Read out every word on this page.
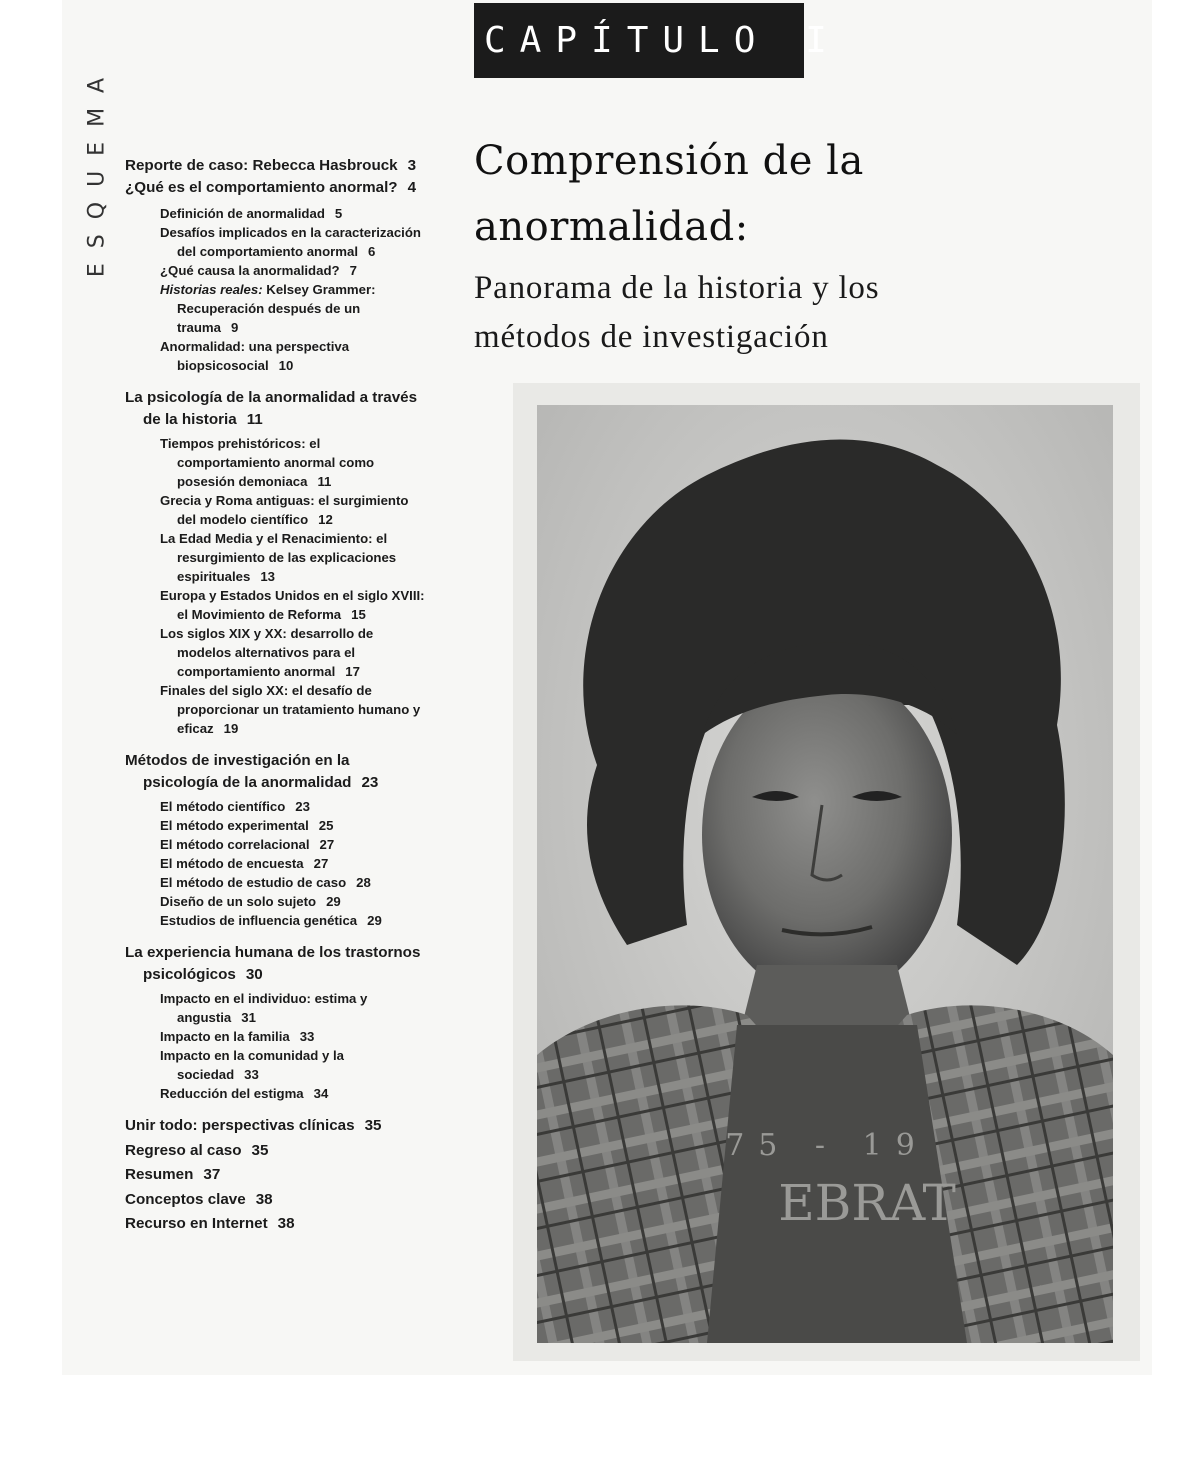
ESQUEMA Reporte de caso: Rebecca Hasbrouck 3
¿Qué es el comportamiento anormal? 4
Definición de anormalidad 5
Desafíos implicados en la caracterización del comportamiento anormal 6
¿Qué causa la anormalidad? 7
Historias reales: Kelsey Grammer: Recuperación después de un trauma 9
Anormalidad: una perspectiva biopsicosocial 10
La psicología de la anormalidad a través de la historia 11
Tiempos prehistóricos: el comportamiento anormal como posesión demoniaca 11
Grecia y Roma antiguas: el surgimiento del modelo científico 12
La Edad Media y el Renacimiento: el resurgimiento de las explicaciones espirituales 13
Europa y Estados Unidos en el siglo XVIII: el Movimiento de Reforma 15
Los siglos XIX y XX: desarrollo de modelos alternativos para el comportamiento anormal 17
Finales del siglo XX: el desafío de proporcionar un tratamiento humano y eficaz 19
Métodos de investigación en la psicología de la anormalidad 23
El método científico 23
El método experimental 25
El método correlacional 27
El método de encuesta 27
El método de estudio de caso 28
Diseño de un solo sujeto 29
Estudios de influencia genética 29
La experiencia humana de los trastornos psicológicos 30
Impacto en el individuo: estima y angustia 31
Impacto en la familia 33
Impacto en la comunidad y la sociedad 33
Reducción del estigma 34
Unir todo: perspectivas clínicas 35
Regreso al caso 35
Resumen 37
Conceptos clave 38
Recurso en Internet 38
CAPÍTULO I
Comprensión de la
anormalidad:
Panorama de la historia y los
métodos de investigación
75 - 19
EBRAT
